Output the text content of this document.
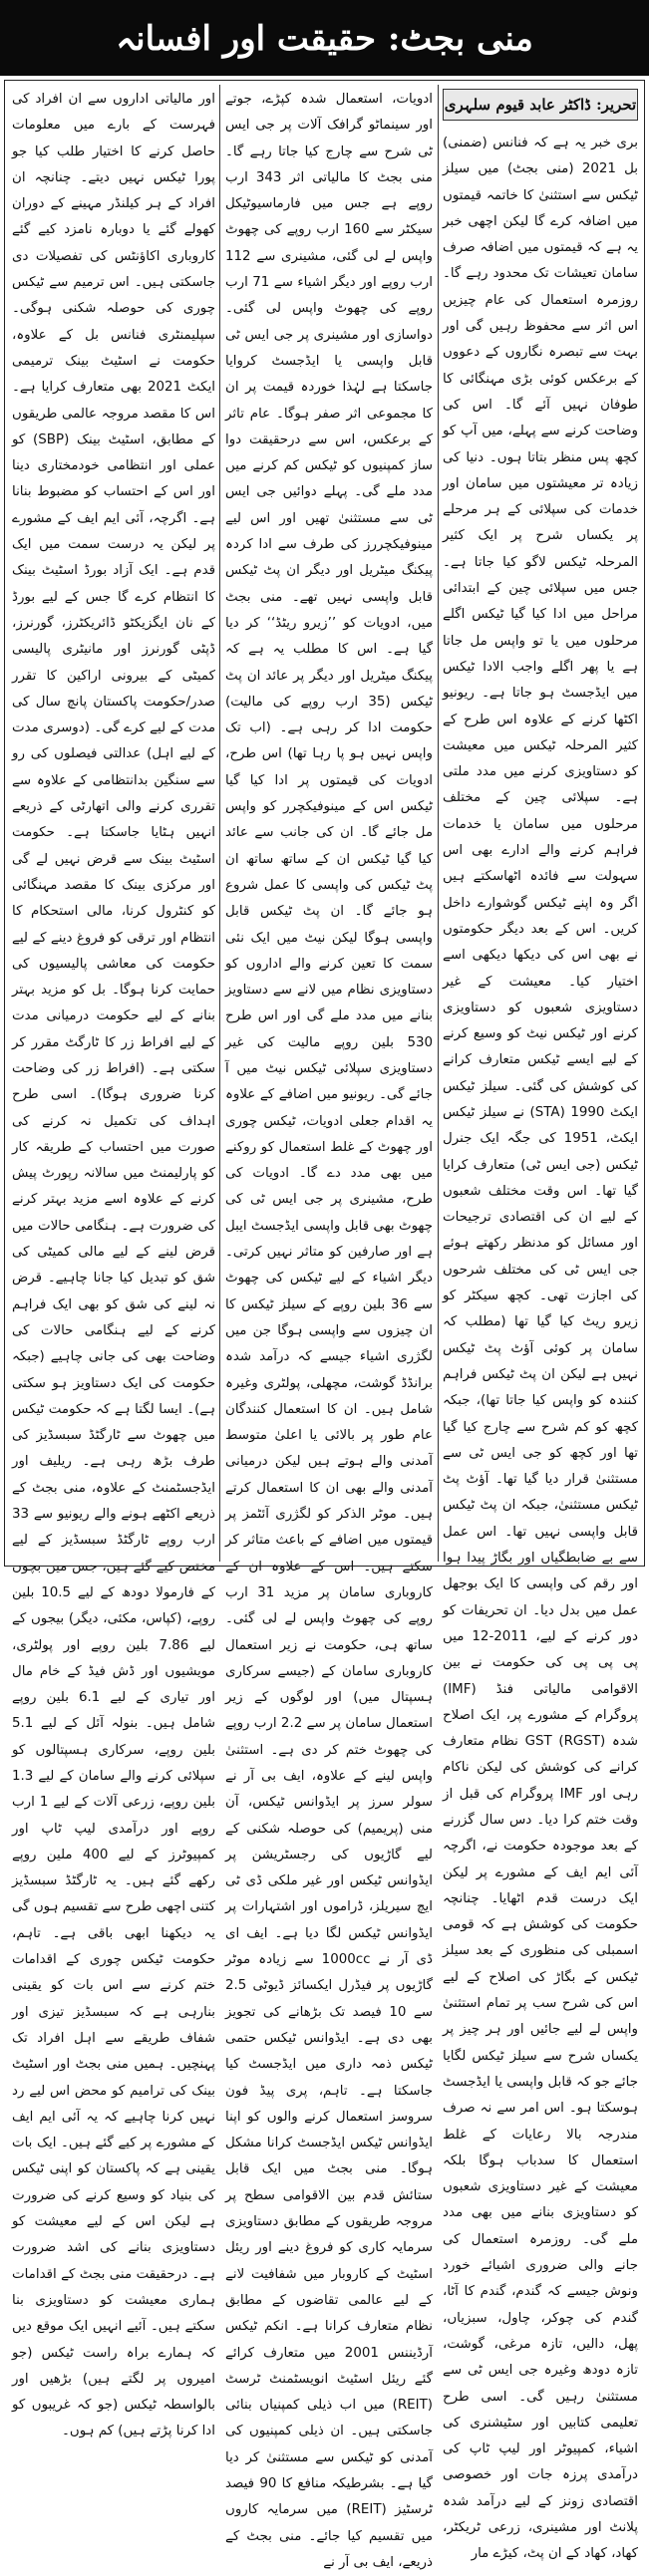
منی بجٹ: حقیقت اور افسانہ
تحریر: ڈاکٹر عابد قیوم سلہری

بری خبر یہ ہے کہ فنانس (ضمنی) بل 2021 (منی بجٹ) میں سیلز ٹیکس سے استثنیٰ کا خاتمہ قیمتوں میں اضافہ کرے گا لیکن اچھی خبر یہ ہے کہ قیمتوں میں اضافہ صرف سامان تعیشات تک محدود رہے گا۔ روزمرہ استعمال کی عام چیزیں اس اثر سے محفوظ رہیں گی اور بہت سے تبصرہ نگاروں کے دعووں کے برعکس کوئی بڑی مہنگائی کا طوفان نہیں آئے گا۔ اس کی وضاحت کرنے سے پہلے، میں آپ کو کچھ پس منظر بتاتا ہوں۔ دنیا کی زیادہ تر معیشتوں میں سامان اور خدمات کی سپلائی کے ہر مرحلے پر یکساں شرح پر ایک کثیر المرحلہ ٹیکس لاگو کیا جاتا ہے۔ جس میں سپلائی چین کے ابتدائی مراحل میں ادا کیا گیا ٹیکس اگلے مرحلوں میں یا تو واپس مل جاتا ہے یا پھر اگلے واجب الادا ٹیکس میں ایڈجسٹ ہو جاتا ہے۔ ریونیو اکٹھا کرنے کے علاوہ اس طرح کے کثیر المرحلہ ٹیکس میں معیشت کو دستاویزی کرنے میں مدد ملتی ہے۔ سپلائی چین کے مختلف مرحلوں میں سامان یا خدمات فراہم کرنے والے ادارے بھی اس سہولت سے فائدہ اٹھاسکتے ہیں اگر وہ اپنے ٹیکس گوشوارے داخل کریں۔ اس کے بعد دیگر حکومتوں نے بھی اس کی دیکھا دیکھی اسے اختیار کیا۔ معیشت کے غیر دستاویزی شعبوں کو دستاویزی کرنے اور ٹیکس نیٹ کو وسیع کرنے کے لیے ایسے ٹیکس متعارف کرانے کی کوشش کی گئی۔ سیلز ٹیکس ایکٹ 1990 (STA) نے سیلز ٹیکس ایکٹ، 1951 کی جگہ ایک جنرل ٹیکس (جی ایس ٹی) متعارف کرایا گیا تھا۔ اس وقت مختلف شعبوں کے لیے ان کی اقتصادی ترجیحات اور مسائل کو مدنظر رکھتے ہوئے جی ایس ٹی کی مختلف شرحوں کی اجازت تھی۔ کچھ سیکٹر کو زیرو ریٹ کیا گیا تھا (مطلب کہ سامان پر کوئی آؤٹ پٹ ٹیکس نہیں ہے لیکن ان پٹ ٹیکس فراہم کنندہ کو واپس کیا جاتا تھا)، جبکہ کچھ کو کم شرح سے چارج کیا گیا تھا اور کچھ کو جی ایس ٹی سے مستثنیٰ قرار دیا گیا تھا۔ آؤٹ پٹ ٹیکس مستثنیٰ، جبکہ ان پٹ ٹیکس قابل واپسی نہیں تھا۔ اس عمل سے بے ضابطگیاں اور بگاڑ پیدا ہوا اور رقم کی واپسی کا ایک بوجھل عمل میں بدل دیا۔ ان تحریفات کو دور کرنے کے لیے، 2011-12 میں پی پی پی کی حکومت نے بین الاقوامی مالیاتی فنڈ (IMF) پروگرام کے مشورے پر، ایک اصلاح شدہ GST (RGST) نظام متعارف کرانے کی کوشش کی لیکن ناکام رہی اور IMF پروگرام کی قبل از وقت ختم کرا دیا۔ دس سال گزرنے کے بعد موجودہ حکومت نے، اگرچہ آئی ایم ایف کے مشورے پر لیکن ایک درست قدم اٹھایا۔ چنانچہ حکومت کی کوشش ہے کہ قومی اسمبلی کی منظوری کے بعد سیلز ٹیکس کے بگاڑ کی اصلاح کے لیے اس کی شرح سب پر تمام استثنیٰ واپس لے لیے جائیں اور ہر چیز پر یکساں شرح سے سیلز ٹیکس لگایا جائے جو کہ قابل واپسی یا ایڈجسٹ ہوسکتا ہو۔ اس امر سے نہ صرف مندرجہ بالا رعایات کے غلط استعمال کا سدباب ہوگا بلکہ معیشت کے غیر دستاویزی شعبوں کو دستاویزی بنانے میں بھی مدد ملے گی۔ روزمرہ استعمال کی جانے والی ضروری اشیائے خورد ونوش جیسے کہ گندم، گندم کا آٹا، گندم کی چوکر، چاول، سبزیاں، پھل، دالیں، تازہ مرغی، گوشت، تازہ دودھ وغیرہ جی ایس ٹی سے مستثنیٰ رہیں گی۔ اسی طرح تعلیمی کتابیں اور سٹیشنری کی اشیاء، کمپیوٹر اور لیپ ٹاپ کی درآمدی پرزہ جات اور خصوصی اقتصادی زونز کے لیے درآمد شدہ پلانٹ اور مشینری، زرعی ٹریکٹر، کھاد، کھاد کے ان پٹ، کیڑے مار

ادویات، استعمال شدہ کپڑے، جوتے اور سینماٹو گرافک آلات پر جی ایس ٹی شرح سے چارج کیا جاتا رہے گا۔ منی بجٹ کا مالیاتی اثر 343 ارب روپے ہے جس میں فارماسیوٹیکل سیکٹر سے 160 ارب روپے کی چھوٹ واپس لے لی گئی، مشینری سے 112 ارب روپے اور دیگر اشیاء سے 71 ارب روپے کی چھوٹ واپس لی گئی۔ دواسازی اور مشینری پر جی ایس ٹی قابل واپسی یا ایڈجسٹ کروایا جاسکتا ہے لہٰذا خوردہ قیمت پر ان کا مجموعی اثر صفر ہوگا۔ عام تاثر کے برعکس، اس سے درحقیقت دوا ساز کمپنیوں کو ٹیکس کم کرنے میں مدد ملے گی۔ پہلے دوائیں جی ایس ٹی سے مستثنیٰ تھیں اور اس لیے مینوفیکچررز کی طرف سے ادا کردہ پیکنگ میٹریل اور دیگر ان پٹ ٹیکس قابل واپسی نہیں تھے۔ منی بجٹ میں، ادویات کو ’’زیرو ریٹڈ‘‘ کر دیا گیا ہے۔ اس کا مطلب یہ ہے کہ پیکنگ میٹریل اور دیگر پر عائد ان پٹ ٹیکس (35 ارب روپے کی مالیت) حکومت ادا کر رہی ہے۔ (اب تک واپس نہیں ہو پا رہا تھا) اس طرح، ادویات کی قیمتوں پر ادا کیا گیا ٹیکس اس کے مینوفیکچرر کو واپس مل جائے گا۔ ان کی جانب سے عائد کیا گیا ٹیکس ان کے ساتھ ساتھ ان پٹ ٹیکس کی واپسی کا عمل شروع ہو جائے گا۔ ان پٹ ٹیکس قابل واپسی ہوگا لیکن نیٹ میں ایک نئی سمت کا تعین کرنے والے اداروں کو دستاویزی نظام میں لانے سے دستاویز بنانے میں مدد ملے گی اور اس طرح 530 بلین روپے مالیت کی غیر دستاویزی سپلائی ٹیکس نیٹ میں آ جائے گی۔ ریونیو میں اضافے کے علاوہ یہ اقدام جعلی ادویات، ٹیکس چوری اور چھوٹ کے غلط استعمال کو روکنے میں بھی مدد دے گا۔ ادویات کی طرح، مشینری پر جی ایس ٹی کی چھوٹ بھی قابل واپسی ایڈجسٹ ایبل ہے اور صارفین کو متاثر نہیں کرتی۔ دیگر اشیاء کے لیے ٹیکس کی چھوٹ سے 36 بلین روپے کے سیلز ٹیکس کا ان چیزوں سے واپسی ہوگا جن میں لگژری اشیاء جیسے کہ درآمد شدہ برانڈڈ گوشت، مچھلی، پولٹری وغیرہ شامل ہیں۔ ان کا استعمال کنندگان عام طور پر بالائی یا اعلیٰ متوسط آمدنی والے ہوتے ہیں لیکن درمیانی آمدنی والے بھی ان کا استعمال کرتے ہیں۔ موٹر الذکر کو لگژری آئٹمز پر قیمتوں میں اضافے کے باعث متاثر کر سکتے ہیں۔ اس کے علاوہ ان کے کاروباری سامان پر مزید 31 ارب روپے کی چھوٹ واپس لے لی گئی۔ ساتھ ہی، حکومت نے زیر استعمال کاروباری سامان کے (جیسے سرکاری ہسپتال میں) اور لوگوں کے زیر استعمال سامان پر سے 2.2 ارب روپے کی چھوٹ ختم کر دی ہے۔ استثنیٰ واپس لینے کے علاوہ، ایف بی آر نے سولر سرز پر ایڈوانس ٹیکس، آن منی (پریمیم) کی حوصلہ شکنی کے لیے گاڑیوں کی رجسٹریشن پر ایڈوانس ٹیکس اور غیر ملکی ڈی ٹی ایچ سیریلز، ڈراموں اور اشتہارات پر ایڈوانس ٹیکس لگا دیا ہے۔ ایف ای ڈی آر نے 1000cc سے زیادہ موٹر گاڑیوں پر فیڈرل ایکسائز ڈیوٹی 2.5 سے 10 فیصد تک بڑھانے کی تجویز بھی دی ہے۔ ایڈوانس ٹیکس حتمی ٹیکس ذمہ داری میں ایڈجسٹ کیا جاسکتا ہے۔ تاہم، پری پیڈ فون سروسز استعمال کرنے والوں کو اپنا ایڈوانس ٹیکس ایڈجسٹ کرانا مشکل ہوگا۔ منی بجٹ میں ایک قابل ستائش قدم بین الاقوامی سطح پر مروجہ طریقوں کے مطابق دستاویزی سرمایہ کاری کو فروغ دینے اور ریئل اسٹیٹ کے کاروبار میں شفافیت لانے کے لیے عالمی تقاضوں کے مطابق نظام متعارف کرانا ہے۔ انکم ٹیکس آرڈیننس 2001 میں متعارف کرائے گئے ریئل اسٹیٹ انویسٹمنٹ ٹرسٹ (REIT) میں اب ذیلی کمپنیاں بنائی جاسکتی ہیں۔ ان ذیلی کمپنیوں کی آمدنی کو ٹیکس سے مستثنیٰ کر دیا گیا ہے۔ بشرطیکہ منافع کا 90 فیصد ٹرسٹیز (REIT) میں سرمایہ کاروں میں تقسیم کیا جائے۔ منی بجٹ کے ذریعے، ایف بی آر نے

اور مالیاتی اداروں سے ان افراد کی فہرست کے بارے میں معلومات حاصل کرنے کا اختیار طلب کیا جو پورا ٹیکس نہیں دیتے۔ چنانچہ ان افراد کے ہر کیلنڈر مہینے کے دوران کھولے گئے یا دوبارہ نامزد کیے گئے کاروباری اکاؤنٹس کی تفصیلات دی جاسکتی ہیں۔ اس ترمیم سے ٹیکس چوری کی حوصلہ شکنی ہوگی۔ سپلیمنٹری فنانس بل کے علاوہ، حکومت نے اسٹیٹ بینک ترمیمی ایکٹ 2021 بھی متعارف کرایا ہے۔ اس کا مقصد مروجہ عالمی طریقوں کے مطابق، اسٹیٹ بینک (SBP) کو عملی اور انتظامی خودمختاری دینا اور اس کے احتساب کو مضبوط بنانا ہے۔ اگرچہ، آئی ایم ایف کے مشورے پر لیکن یہ درست سمت میں ایک قدم ہے۔ ایک آزاد بورڈ اسٹیٹ بینک کا انتظام کرے گا جس کے لیے بورڈ کے نان ایگزیکٹو ڈائریکٹرز، گورنرز، ڈپٹی گورنرز اور مانیٹری پالیسی کمیٹی کے بیرونی اراکین کا تقرر صدر/حکومت پاکستان پانچ سال کی مدت کے لیے کرے گی۔ (دوسری مدت کے لیے اہل) عدالتی فیصلوں کی رو سے سنگین بدانتظامی کے علاوہ سے تقرری کرنے والی اتھارٹی کے ذریعے انہیں ہٹایا جاسکتا ہے۔ حکومت اسٹیٹ بینک سے قرض نہیں لے گی اور مرکزی بینک کا مقصد مہنگائی کو کنٹرول کرنا، مالی استحکام کا انتظام اور ترقی کو فروغ دینے کے لیے حکومت کی معاشی پالیسیوں کی حمایت کرنا ہوگا۔ بل کو مزید بہتر بنانے کے لیے حکومت درمیانی مدت کے لیے افراط زر کا ٹارگٹ مقرر کر سکتی ہے۔ (افراط زر کی وضاحت کرنا ضروری ہوگا)۔ اسی طرح اہداف کی تکمیل نہ کرنے کی صورت میں احتساب کے طریقہ کار کو پارلیمنٹ میں سالانہ رپورٹ پیش کرنے کے علاوہ اسے مزید بہتر کرنے کی ضرورت ہے۔ ہنگامی حالات میں قرض لینے کے لیے مالی کمیٹی کی شق کو تبدیل کیا جانا چاہیے۔ قرض نہ لینے کی شق کو بھی ایک فراہم کرنے کے لیے ہنگامی حالات کی وضاحت بھی کی جانی چاہیے (جبکہ حکومت کی ایک دستاویز ہو سکتی ہے)۔ ایسا لگتا ہے کہ حکومت ٹیکس میں چھوٹ سے ٹارگٹڈ سبسڈیز کی طرف بڑھ رہی ہے۔ ریلیف اور ایڈجسٹمنٹ کے علاوہ، منی بجٹ کے ذریعے اکٹھے ہونے والے ریونیو سے 33 ارب روپے ٹارگٹڈ سبسڈیز کے لیے مختص کیے گئے ہیں، جس میں بچوں کے فارمولا دودھ کے لیے 10.5 بلین روپے، (کپاس، مکئی، دیگر) بیجوں کے لیے 7.86 بلین روپے اور پولٹری، مویشیوں اور ڈش فیڈ کے خام مال اور تیاری کے لیے 6.1 بلین روپے شامل ہیں۔ بنولہ آئل کے لیے 5.1 بلین روپے، سرکاری ہسپتالوں کو سپلائی کرنے والے سامان کے لیے 1.3 بلین روپے، زرعی آلات کے لیے 1 ارب روپے اور درآمدی لیپ ٹاپ اور کمپیوٹرز کے لیے 400 ملین روپے رکھے گئے ہیں۔ یہ ٹارگٹڈ سبسڈیز کتنی اچھی طرح سے تقسیم ہوں گی یہ دیکھنا ابھی باقی ہے۔ تاہم، حکومت ٹیکس چوری کے اقدامات ختم کرنے سے اس بات کو یقینی بنارہی ہے کہ سبسڈیز تیزی اور شفاف طریقے سے اہل افراد تک پہنچیں۔ ہمیں منی بجٹ اور اسٹیٹ بینک کی ترامیم کو محض اس لیے رد نہیں کرنا چاہیے کہ یہ آئی ایم ایف کے مشورے پر کیے گئے ہیں۔ ایک بات یقینی ہے کہ پاکستان کو اپنی ٹیکس کی بنیاد کو وسیع کرنے کی ضرورت ہے لیکن اس کے لیے معیشت کو دستاویزی بنانے کی اشد ضرورت ہے۔ درحقیقت منی بجٹ کے اقدامات ہماری معیشت کو دستاویزی بنا سکتے ہیں۔ آئیے انہیں ایک موقع دیں کہ ہمارے براہ راست ٹیکس (جو امیروں پر لگتے ہیں) بڑھیں اور بالواسطہ ٹیکس (جو کہ غریبوں کو ادا کرنا پڑتے ہیں) کم ہوں۔
